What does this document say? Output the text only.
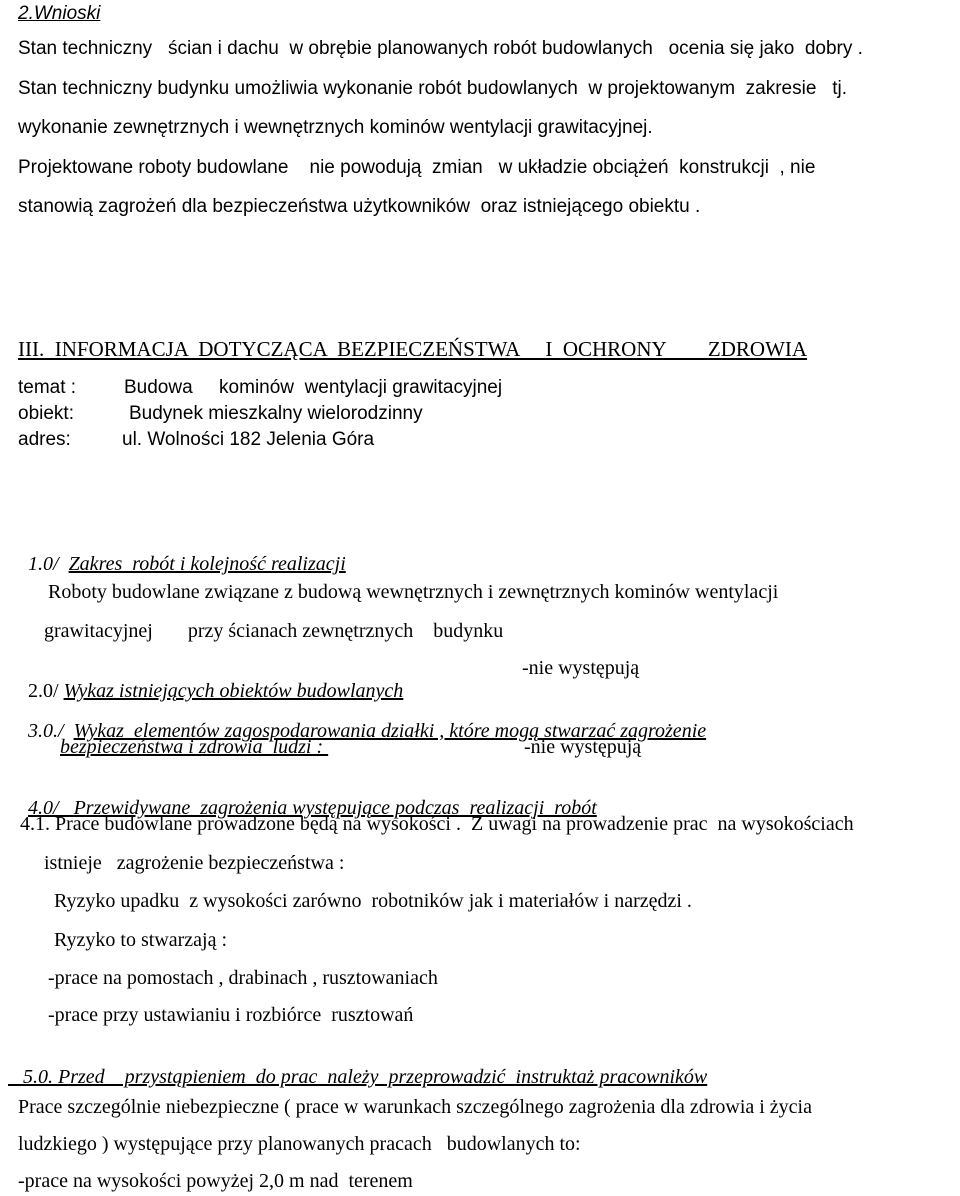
2.Wnioski
Stan techniczny   ścian i dachu  w obrębie planowanych robót budowlanych   ocenia się jako  dobry .
Stan techniczny budynku umożliwia wykonanie robót budowlanych  w projektowanym  zakresie   tj.
wykonanie zewnętrznych i wewnętrznych kominów wentylacji grawitacyjnej.
Projektowane roboty budowlane    nie powodują  zmian   w układzie obciążeń  konstrukcji  , nie
stanowią zagrożeń dla bezpieczeństwa użytkowników  oraz istniejącego obiektu .
III.  INFORMACJA  DOTYCZĄCA  BEZPIECZEŃSTWA     I  OCHRONY        ZDROWIA
temat :	Budowa     kominów  wentylacji grawitacyjnej
obiekt:	Budynek mieszkalny wielorodzinny
adres:	ul. Wolności 182 Jelenia Góra

1.0/ Zakres  robót i kolejność realizacji

Roboty budowlane związane z budową wewnętrznych i zewnętrznych kominów wentylacji
grawitacyjnej       przy ścianach zewnętrznych    budynku

2.0/ Wykaz istniejących obiektów budowlanych

-nie występują

3.0./ Wykaz  elementów zagospodarowania działki , które mogą stwarzać zagrożenie

bezpieczeństwa i zdrowia  ludzi :	-nie występują

4.0/ Przewidywane  zagrożenia występujące podczas  realizacji  robót

4.1. Prace budowlane prowadzone będą na wysokości .  Z uwagi na prowadzenie prac  na wysokościach
istnieje   zagrożenie bezpieczeństwa :
Ryzyko upadku  z wysokości zarówno  robotników jak i materiałów i narzędzi .
Ryzyko to stwarzają :
-prace na pomostach , drabinach , rusztowaniach
-prace przy ustawianiu i rozbiórce  rusztowań

5.0. Przed    przystąpieniem  do prac  należy  przeprowadzić  instruktaż pracowników

Prace szczególnie niebezpieczne ( prace w warunkach szczególnego zagrożenia dla zdrowia i życia
ludzkiego ) występujące przy planowanych pracach   budowlanych to:
-prace na wysokości powyżej 2,0 m nad  terenem
